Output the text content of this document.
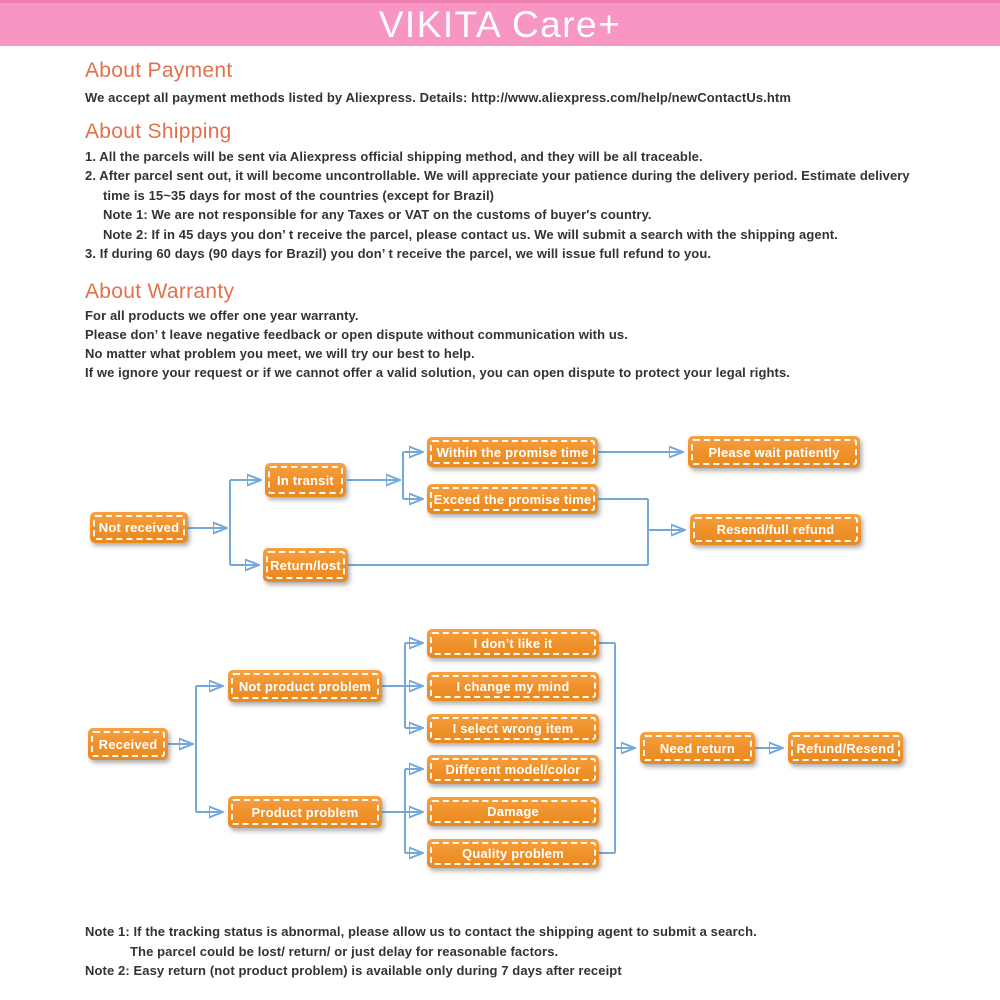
VIKITA Care+
About Payment
We accept all payment methods listed by Aliexpress. Details: http://www.aliexpress.com/help/newContactUs.htm
About Shipping
1. All the parcels will be sent via Aliexpress official shipping method, and they will be all traceable.
2. After parcel sent out, it will become uncontrollable. We will appreciate your patience during the delivery period. Estimate delivery
time is 15~35 days for most of the countries (except for Brazil)
Note 1: We are not responsible for any Taxes or VAT on the customs of buyer's country.
Note 2: If in 45 days you don’ t receive the parcel, please contact us. We will submit a search with the shipping agent.
3. If during 60 days (90 days for Brazil) you don’ t receive the parcel, we will issue full refund to you.
About Warranty
For all products we offer one year warranty.
Please don’ t leave negative feedback or open dispute without communication with us.
No matter what problem you meet, we will try our best to help.
If we ignore your request or if we cannot offer a valid solution, you can open dispute to protect your legal rights.
Not received
In transit
Return/lost
Within the promise time
Exceed the promise time
Please wait patiently
Resend/full refund
Received
Not product problem
Product problem
I don’t like it
I change my mind
I select wrong item
Different model/color
Damage
Quality problem
Need return	Refund/Resend
Note 1: If the tracking status is abnormal, please allow us to contact the shipping agent to submit a search.
The parcel could be lost/ return/ or just delay for reasonable factors.
Note 2: Easy return (not product problem) is available only during 7 days after receipt
